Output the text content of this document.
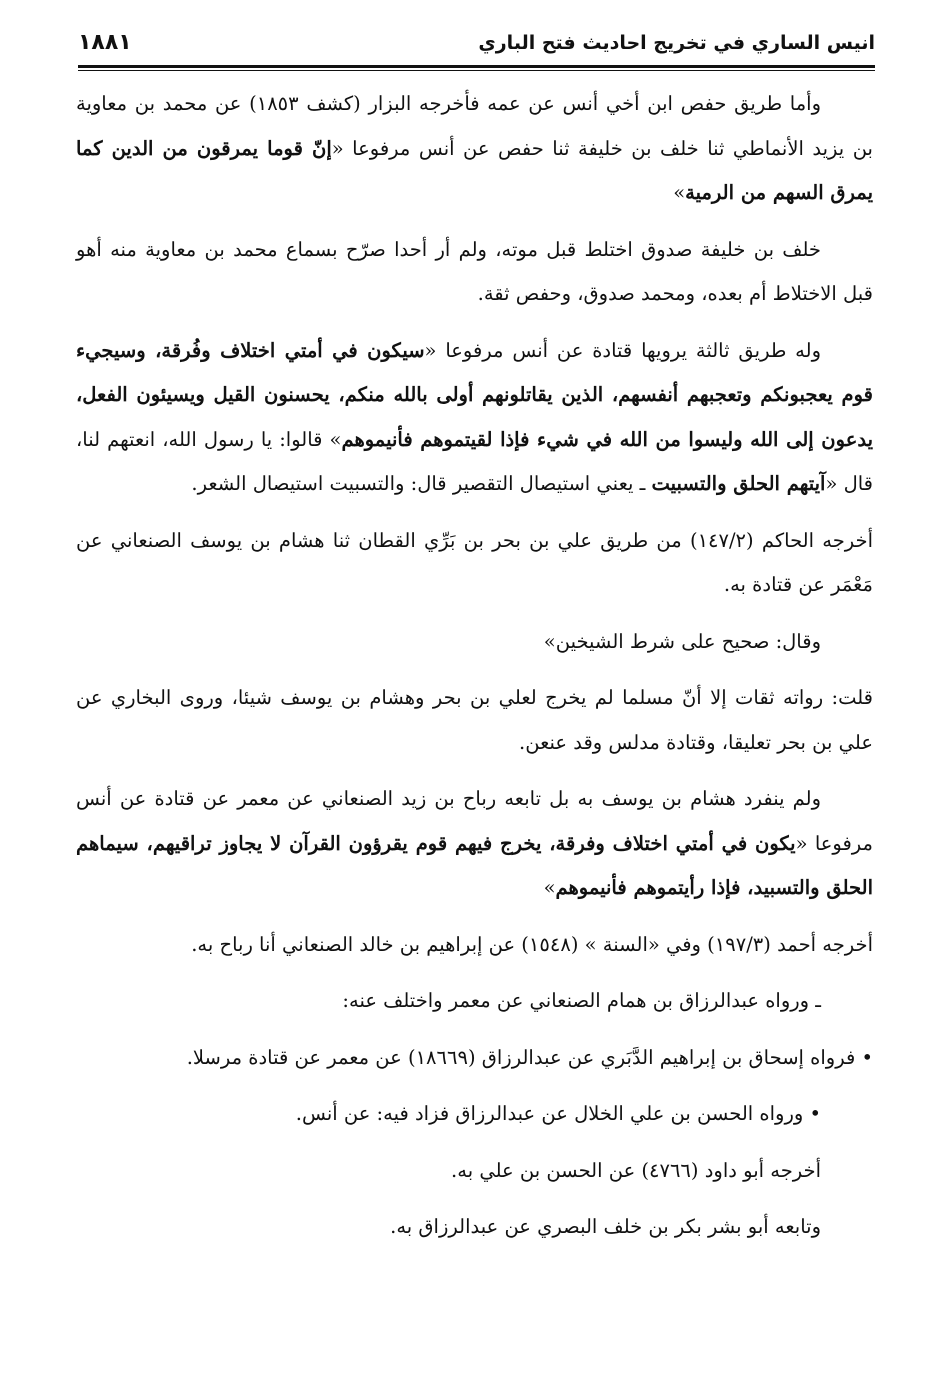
انيس الساري في تخريج احاديث فتح الباري
١٨٨١

وأما طريق حفص ابن أخي أنس عن عمه فأخرجه البزار (كشف ١٨٥٣) عن محمد بن معاوية بن يزيد الأنماطي ثنا خلف بن خليفة ثنا حفص عن أنس مرفوعا «إنّ قوما يمرقون من الدين كما يمرق السهم من الرمية»

خلف بن خليفة صدوق اختلط قبل موته، ولم أر أحدا صرّح بسماع محمد بن معاوية منه أهو قبل الاختلاط أم بعده، ومحمد صدوق، وحفص ثقة.

وله طريق ثالثة يرويها قتادة عن أنس مرفوعا «سيكون في أمتي اختلاف وفُرقة، وسيجيء قوم يعجبونكم وتعجبهم أنفسهم، الذين يقاتلونهم أولى بالله منكم، يحسنون القيل ويسيئون الفعل، يدعون إلى الله وليسوا من الله في شيء فإذا لقيتموهم فأنيموهم» قالوا: يا رسول الله، انعتهم لنا، قال «آيتهم الحلق والتسبيت ـ يعني استيصال التقصير قال: والتسبيت استيصال الشعر.

أخرجه الحاكم (١٤٧/٢) من طريق علي بن بحر بن بَرِّي القطان ثنا هشام بن يوسف الصنعاني عن مَعْمَر عن قتادة به.

وقال: صحيح على شرط الشيخين»

قلت: رواته ثقات إلا أنّ مسلما لم يخرج لعلي بن بحر وهشام بن يوسف شيئا، وروى البخاري عن علي بن بحر تعليقا، وقتادة مدلس وقد عنعن.

ولم ينفرد هشام بن يوسف به بل تابعه رباح بن زيد الصنعاني عن معمر عن قتادة عن أنس مرفوعا «يكون في أمتي اختلاف وفرقة، يخرج فيهم قوم يقرؤون القرآن لا يجاوز تراقيهم، سيماهم الحلق والتسبيد، فإذا رأيتموهم فأنيموهم»

أخرجه أحمد (١٩٧/٣) وفي «السنة » (١٥٤٨) عن إبراهيم بن خالد الصنعاني أنا رباح به.

ـ ورواه عبدالرزاق بن همام الصنعاني عن معمر واختلف عنه:

• فرواه إسحاق بن إبراهيم الدَّبَري عن عبدالرزاق (١٨٦٦٩) عن معمر عن قتادة مرسلا.

• ورواه الحسن بن علي الخلال عن عبدالرزاق فزاد فيه: عن أنس.

أخرجه أبو داود (٤٧٦٦) عن الحسن بن علي به.

وتابعه أبو بشر بكر بن خلف البصري عن عبدالرزاق به.
